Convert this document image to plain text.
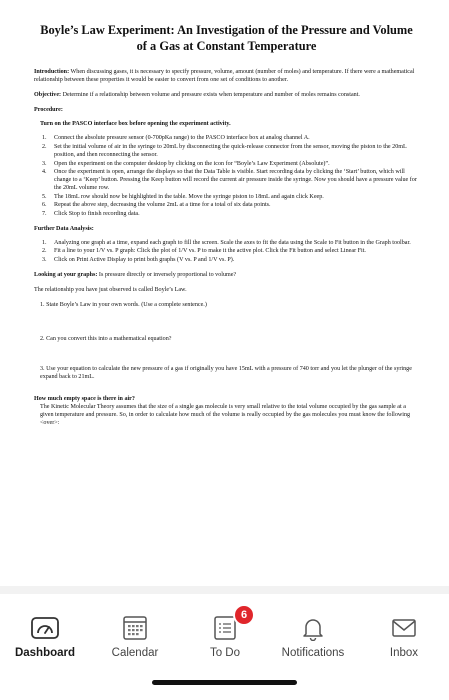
Boyle’s Law Experiment: An Investigation of the Pressure and Volume of a Gas at Constant Temperature
Introduction: When discussing gases, it is necessary to specify pressure, volume, amount (number of moles) and temperature. If there were a mathematical relationship between these properties it would be easier to convert from one set of conditions to another.
Objective: Determine if a relationship between volume and pressure exists when temperature and number of moles remains constant.
Procedure:
Turn on the PASCO interface box before opening the experiment activity.
1.	Connect the absolute pressure sensor (0-700pKa range) to the PASCO interface box at analog channel A.
2.	Set the initial volume of air in the syringe to 20mL by disconnecting the quick-release connector from the sensor, moving the piston to the 20mL position, and then reconnecting the sensor.
3.	Open the experiment on the computer desktop by clicking on the icon for “Boyle’s Law Experiment (Absolute)”.
4.	Once the experiment is open, arrange the displays so that the Data Table is visible. Start recording data by clicking the ‘Start’ button, which will change to a ‘Keep’ button. Pressing the Keep button will record the current air pressure inside the syringe. Now you should have a pressure value for the 20mL volume row.
5.	The 18mL row should now be highlighted in the table. Move the syringe piston to 18mL and again click Keep.
6.	Repeat the above step, decreasing the volume 2mL at a time for a total of six data points.
7.	Click Stop to finish recording data.
Further Data Analysis:
1.	Analyzing one graph at a time, expand each graph to fill the screen. Scale the axes to fit the data using the Scale to Fit button in the Graph toolbar.
2.	Fit a line to your 1/V vs. P graph: Click the plot of 1/V vs. P to make it the active plot. Click the Fit button and select Linear Fit.
3.	Click on Print Active Display to print both graphs (V vs. P and 1/V vs. P).
Looking at your graphs: Is pressure directly or inversely proportional to volume?
The relationship you have just observed is called Boyle’s Law.
1. State Boyle’s Law in your own words. (Use a complete sentence.)
2. Can you convert this into a mathematical equation?
3. Use your equation to calculate the new pressure of a gas if originally you have 15mL with a pressure of 740 torr and you let the plunger of the syringe expand back to 21mL.
How much empty space is there in air?
The Kinetic Molecular Theory assumes that the size of a single gas molecule is very small relative to the total volume occupied by the gas sample at a given temperature and pressure. So, in order to calculate how much of the volume is really occupied by the gas molecules you must know the following <over>:
Dashboard	Calendar
6
To Do	Notifications	Inbox
